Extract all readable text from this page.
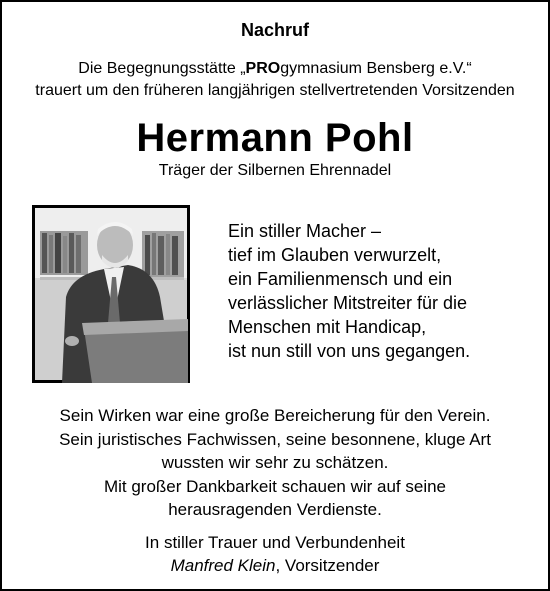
Nachruf
Die Begegnungsstätte „PROgymnasium Bensberg e.V.“
trauert um den früheren langjährigen stellvertretenden Vorsitzenden
Hermann Pohl
Träger der Silbernen Ehrennadel
Ein stiller Macher –
tief im Glauben verwurzelt,
ein Familienmensch und ein
verlässlicher Mitstreiter für die
Menschen mit Handicap,
ist nun still von uns gegangen.
Sein Wirken war eine große Bereicherung für den Verein.
Sein juristisches Fachwissen, seine besonnene, kluge Art
wussten wir sehr zu schätzen.
Mit großer Dankbarkeit schauen wir auf seine
herausragenden Verdienste.
In stiller Trauer und Verbundenheit
Manfred Klein, Vorsitzender
